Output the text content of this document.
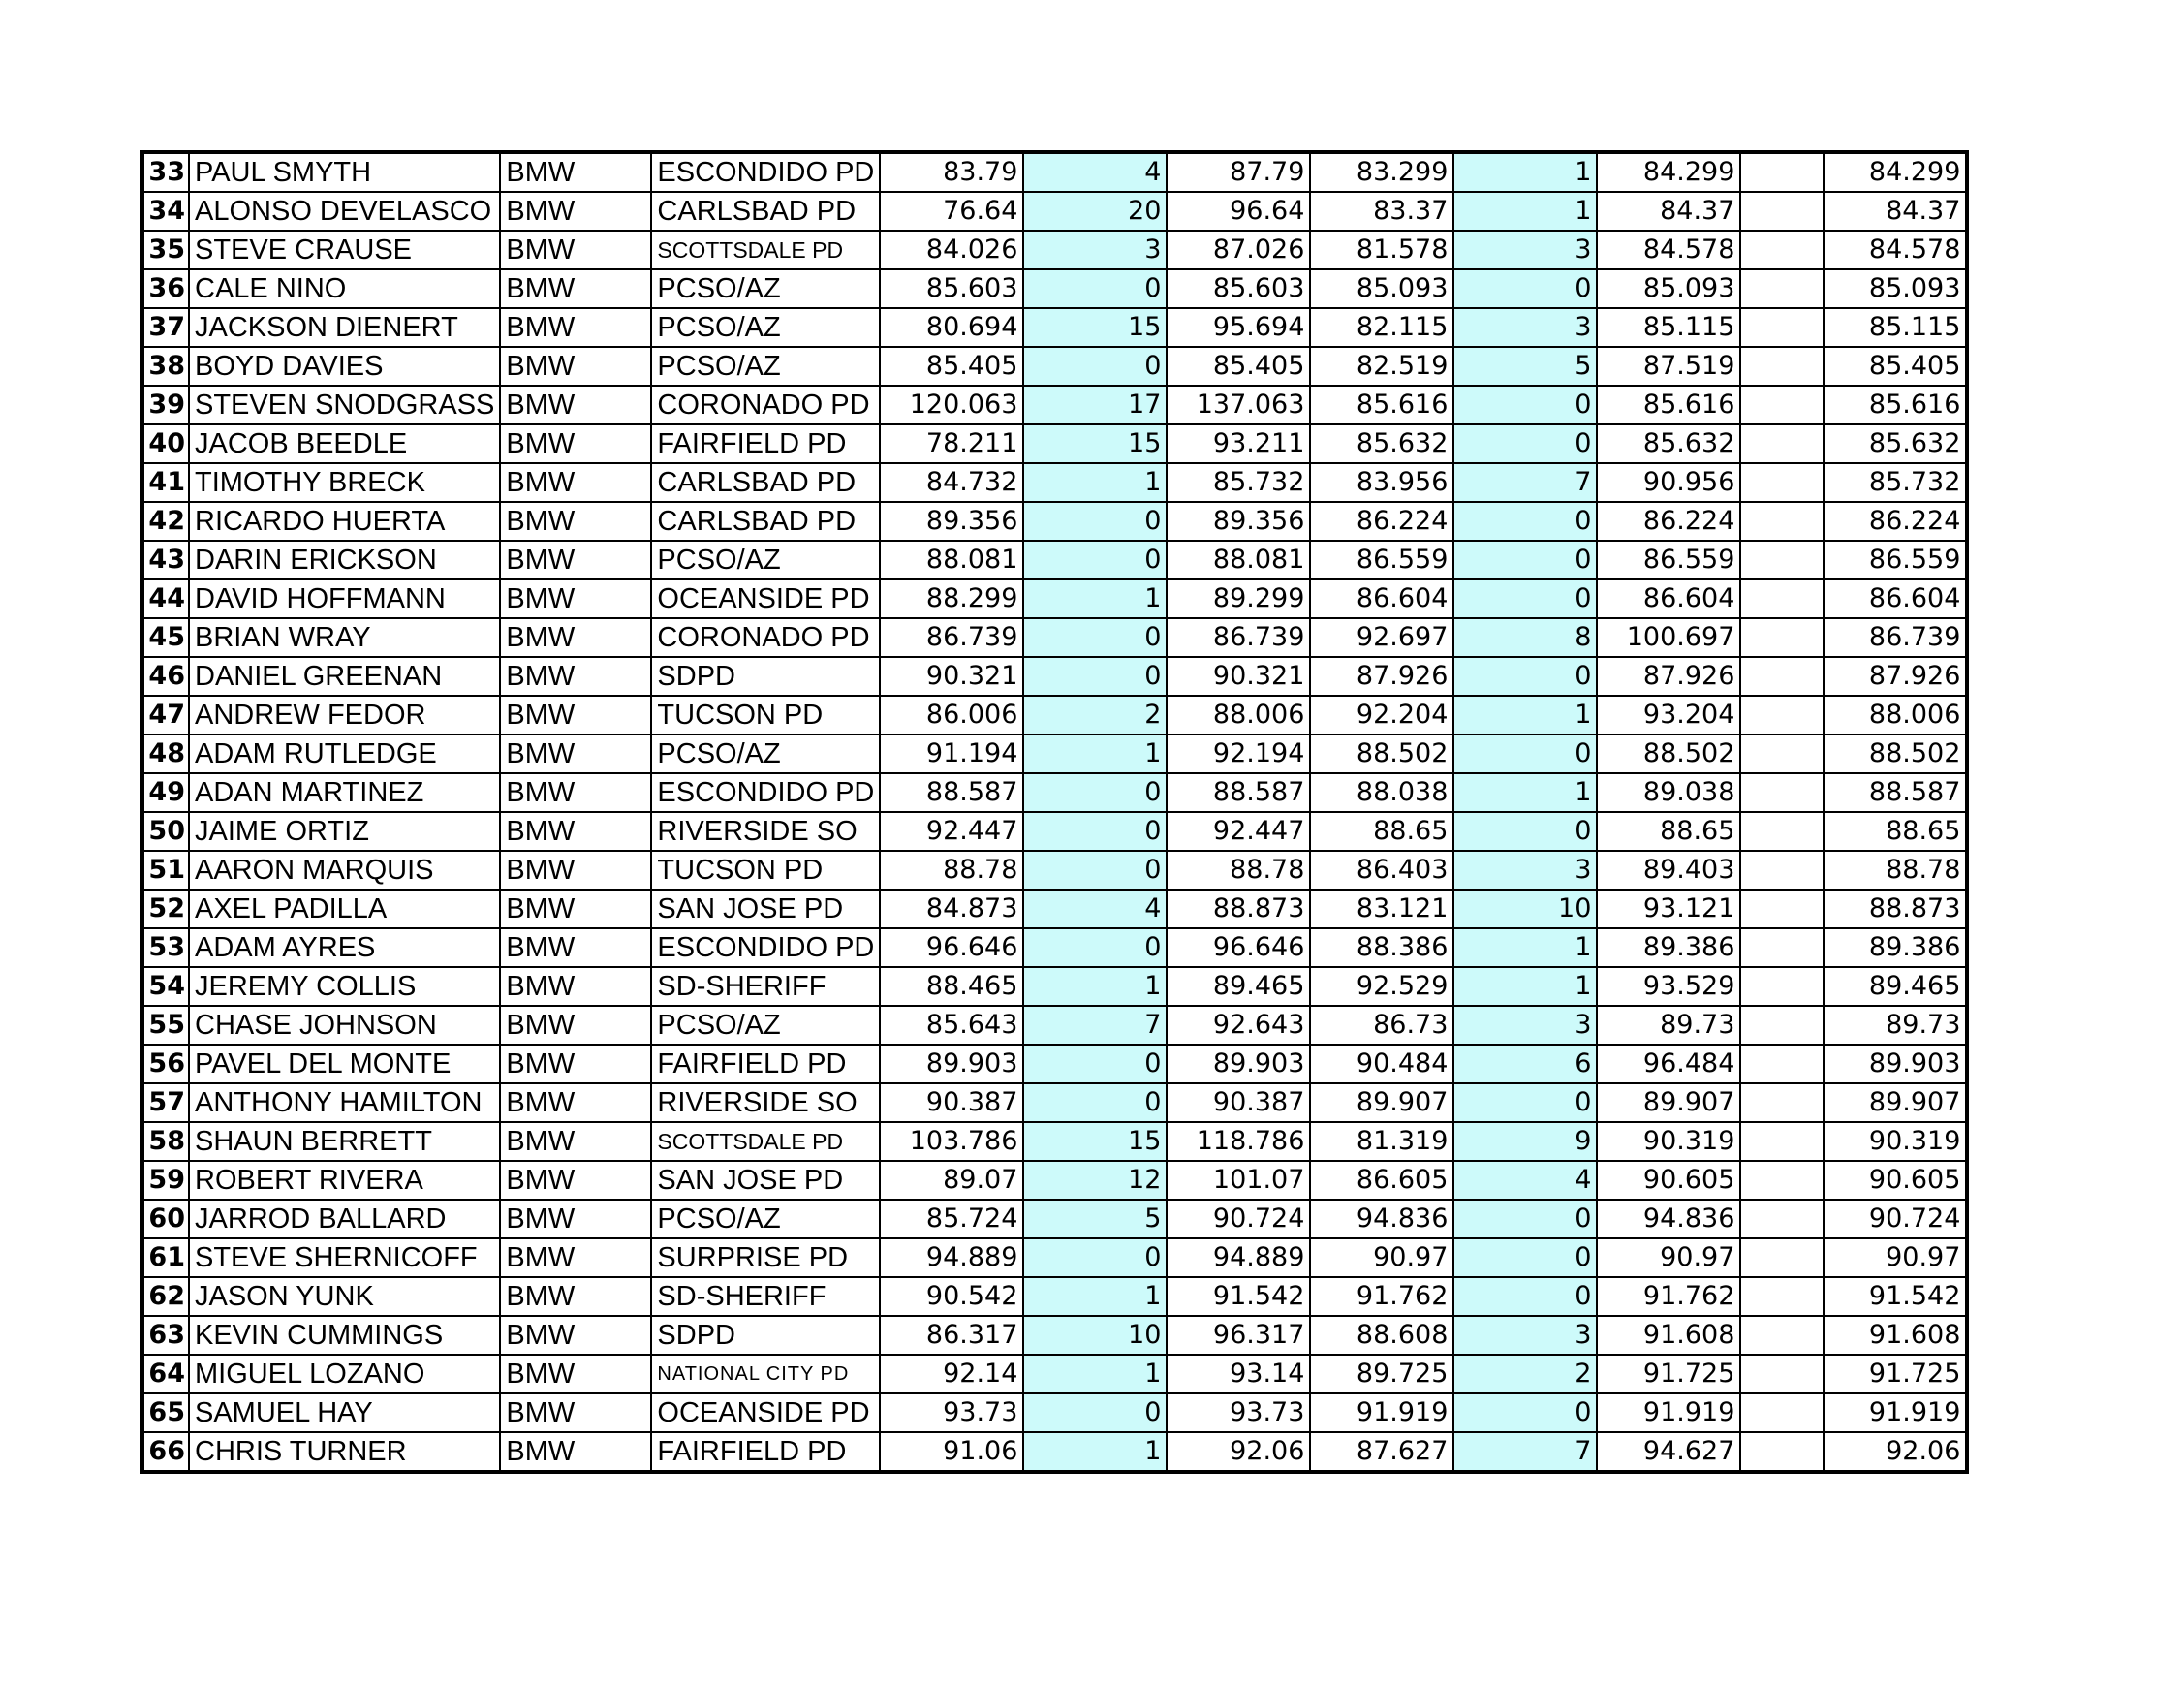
33	PAUL SMYTH	BMW	ESCONDIDO PD	83.79	4	87.79	83.299	1	84.299		84.299
34	ALONSO DEVELASCO	BMW	CARLSBAD PD	76.64	20	96.64	83.37	1	84.37		84.37
35	STEVE CRAUSE	BMW	SCOTTSDALE PD	84.026	3	87.026	81.578	3	84.578		84.578
36	CALE NINO	BMW	PCSO/AZ	85.603	0	85.603	85.093	0	85.093		85.093
37	JACKSON DIENERT	BMW	PCSO/AZ	80.694	15	95.694	82.115	3	85.115		85.115
38	BOYD DAVIES	BMW	PCSO/AZ	85.405	0	85.405	82.519	5	87.519		85.405
39	STEVEN SNODGRASS	BMW	CORONADO PD	120.063	17	137.063	85.616	0	85.616		85.616
40	JACOB BEEDLE	BMW	FAIRFIELD PD	78.211	15	93.211	85.632	0	85.632		85.632
41	TIMOTHY BRECK	BMW	CARLSBAD PD	84.732	1	85.732	83.956	7	90.956		85.732
42	RICARDO HUERTA	BMW	CARLSBAD PD	89.356	0	89.356	86.224	0	86.224		86.224
43	DARIN ERICKSON	BMW	PCSO/AZ	88.081	0	88.081	86.559	0	86.559		86.559
44	DAVID HOFFMANN	BMW	OCEANSIDE PD	88.299	1	89.299	86.604	0	86.604		86.604
45	BRIAN WRAY	BMW	CORONADO PD	86.739	0	86.739	92.697	8	100.697		86.739
46	DANIEL GREENAN	BMW	SDPD	90.321	0	90.321	87.926	0	87.926		87.926
47	ANDREW FEDOR	BMW	TUCSON PD	86.006	2	88.006	92.204	1	93.204		88.006
48	ADAM RUTLEDGE	BMW	PCSO/AZ	91.194	1	92.194	88.502	0	88.502		88.502
49	ADAN MARTINEZ	BMW	ESCONDIDO PD	88.587	0	88.587	88.038	1	89.038		88.587
50	JAIME ORTIZ	BMW	RIVERSIDE SO	92.447	0	92.447	88.65	0	88.65		88.65
51	AARON MARQUIS	BMW	TUCSON PD	88.78	0	88.78	86.403	3	89.403		88.78
52	AXEL PADILLA	BMW	SAN JOSE PD	84.873	4	88.873	83.121	10	93.121		88.873
53	ADAM AYRES	BMW	ESCONDIDO PD	96.646	0	96.646	88.386	1	89.386		89.386
54	JEREMY COLLIS	BMW	SD-SHERIFF	88.465	1	89.465	92.529	1	93.529		89.465
55	CHASE JOHNSON	BMW	PCSO/AZ	85.643	7	92.643	86.73	3	89.73		89.73
56	PAVEL DEL MONTE	BMW	FAIRFIELD PD	89.903	0	89.903	90.484	6	96.484		89.903
57	ANTHONY HAMILTON	BMW	RIVERSIDE SO	90.387	0	90.387	89.907	0	89.907		89.907
58	SHAUN BERRETT	BMW	SCOTTSDALE PD	103.786	15	118.786	81.319	9	90.319		90.319
59	ROBERT RIVERA	BMW	SAN JOSE PD	89.07	12	101.07	86.605	4	90.605		90.605
60	JARROD BALLARD	BMW	PCSO/AZ	85.724	5	90.724	94.836	0	94.836		90.724
61	STEVE SHERNICOFF	BMW	SURPRISE PD	94.889	0	94.889	90.97	0	90.97		90.97
62	JASON YUNK	BMW	SD-SHERIFF	90.542	1	91.542	91.762	0	91.762		91.542
63	KEVIN CUMMINGS	BMW	SDPD	86.317	10	96.317	88.608	3	91.608		91.608
64	MIGUEL LOZANO	BMW	NATIONAL CITY PD	92.14	1	93.14	89.725	2	91.725		91.725
65	SAMUEL HAY	BMW	OCEANSIDE PD	93.73	0	93.73	91.919	0	91.919		91.919
66	CHRIS TURNER	BMW	FAIRFIELD PD	91.06	1	92.06	87.627	7	94.627		92.06
